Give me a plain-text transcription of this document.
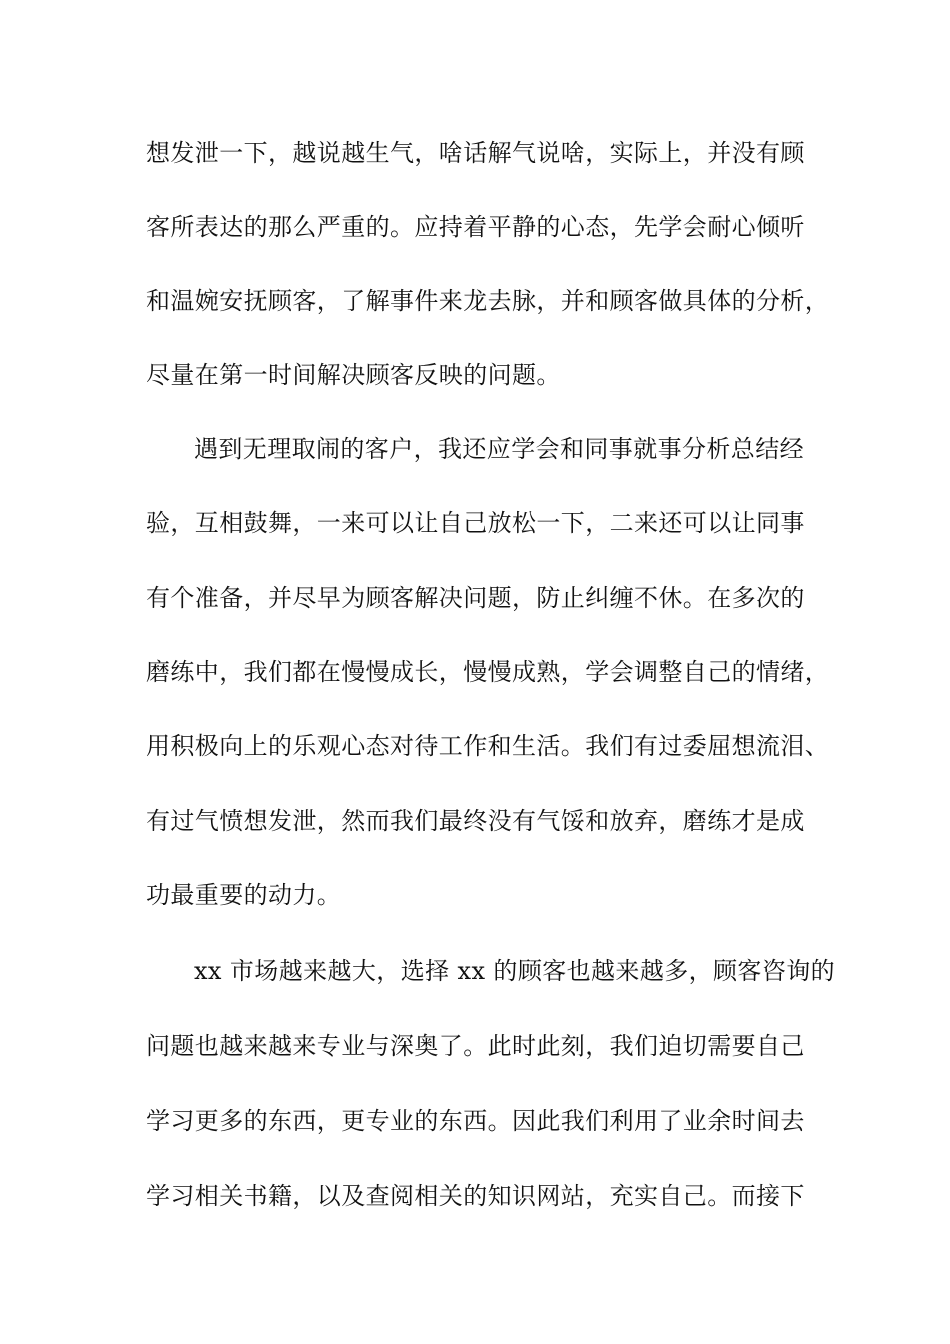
想发泄一下，越说越生气，啥话解气说啥，实际上，并没有顾
客所表达的那么严重的。应持着平静的心态，先学会耐心倾听
和温婉安抚顾客，了解事件来龙去脉，并和顾客做具体的分析，
尽量在第一时间解决顾客反映的问题。
遇到无理取闹的客户，我还应学会和同事就事分析总结经
验，互相鼓舞，一来可以让自己放松一下，二来还可以让同事
有个准备，并尽早为顾客解决问题，防止纠缠不休。在多次的
磨练中，我们都在慢慢成长，慢慢成熟，学会调整自己的情绪，
用积极向上的乐观心态对待工作和生活。我们有过委屈想流泪、
有过气愤想发泄，然而我们最终没有气馁和放弃，磨练才是成
功最重要的动力。
xx 市场越来越大，选择 xx 的顾客也越来越多，顾客咨询的
问题也越来越来专业与深奥了。此时此刻，我们迫切需要自己
学习更多的东西，更专业的东西。因此我们利用了业余时间去
学习相关书籍，以及查阅相关的知识网站，充实自己。而接下
